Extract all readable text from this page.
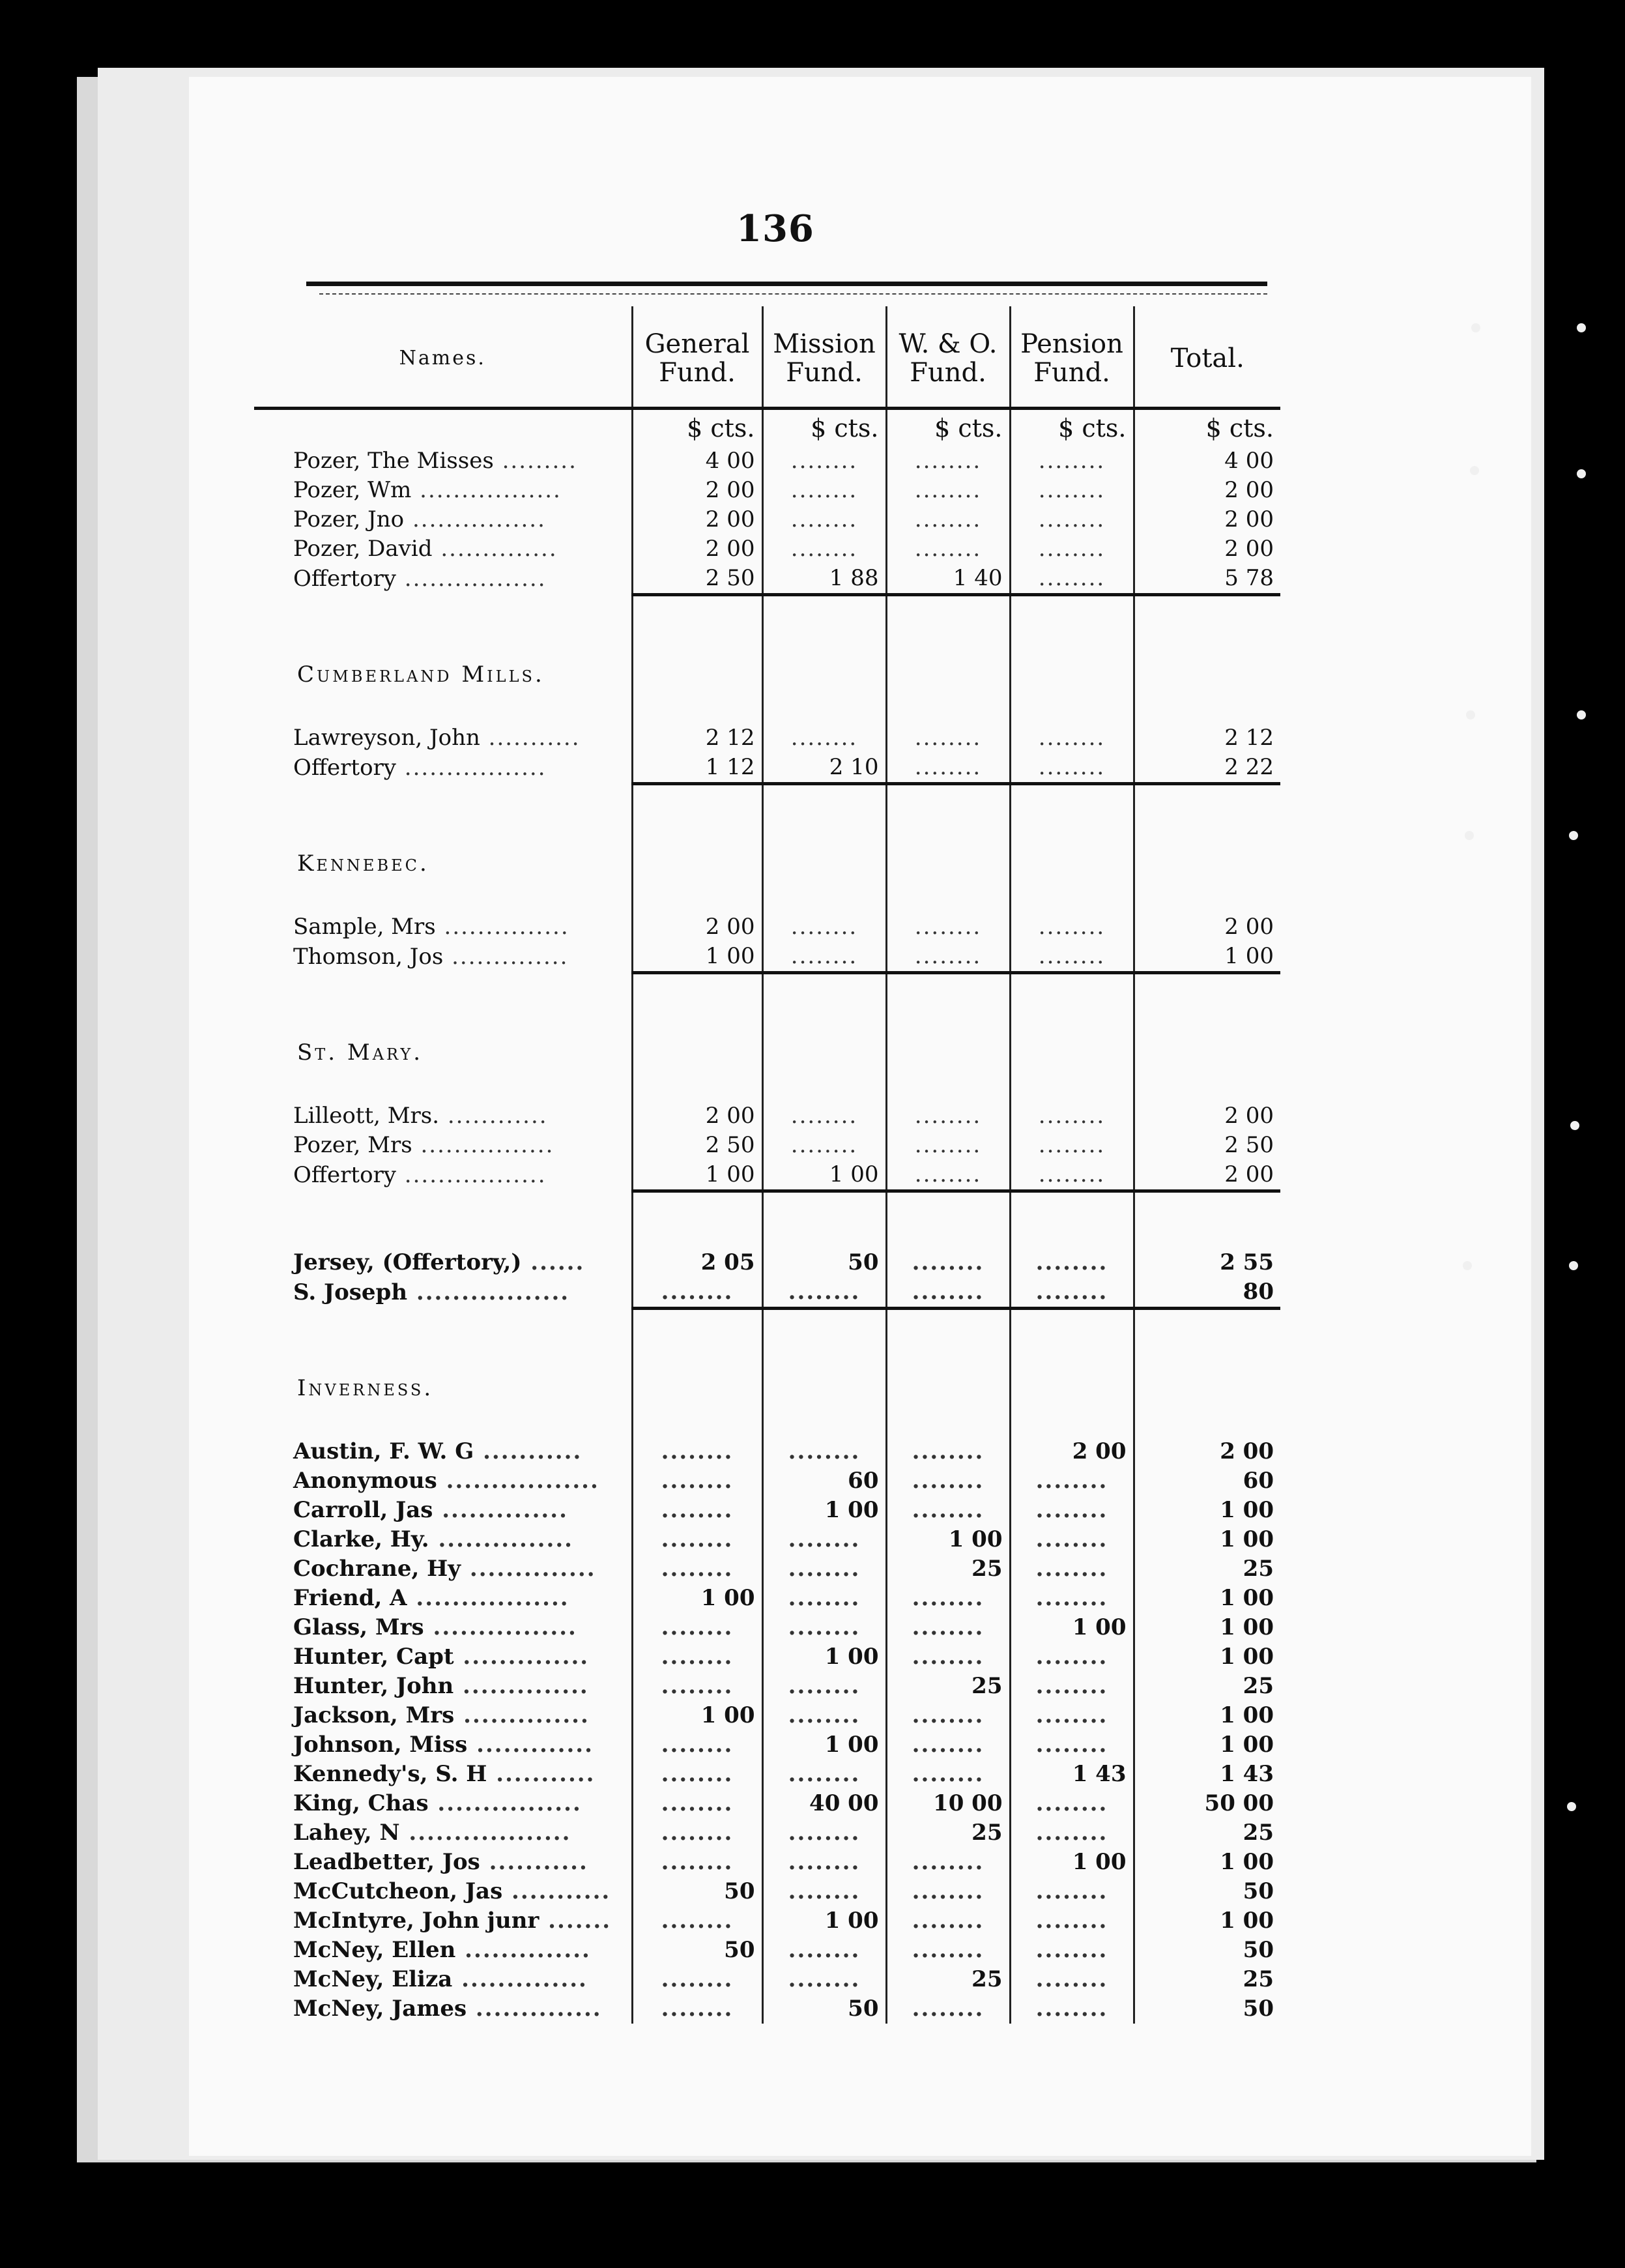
136
Names.	General Fund.	Mission Fund.	W. & O. Fund.	Pension Fund.	Total.
	$ cts.	$ cts.	$ cts.	$ cts.	$ cts.
Pozer, The Misses .........	4 00	........	........	........	4 00
Pozer, Wm .................	2 00	........	........	........	2 00
Pozer, Jno ................	2 00	........	........	........	2 00
Pozer, David ..............	2 00	........	........	........	2 00
Offertory .................	2 50	1 88	1 40	........	5 78

Cumberland Mills.					
Lawreyson, John ...........	2 12	........	........	........	2 12
Offertory .................	1 12	2 10	........	........	2 22

Kennebec.					
Sample, Mrs ...............	2 00	........	........	........	2 00
Thomson, Jos ..............	1 00	........	........	........	1 00

St. Mary.					
Lilleott, Mrs. ............	2 00	........	........	........	2 00
Pozer, Mrs ................	2 50	........	........	........	2 50
Offertory .................	1 00	1 00	........	........	2 00

Jersey, (Offertory,) ......	2 05	50	........	........	2 55
S. Joseph .................	........	........	........	........	80

Inverness.					
Austin, F. W. G ...........	........	........	........	2 00	2 00
Anonymous .................	........	60	........	........	60
Carroll, Jas ..............	........	1 00	........	........	1 00
Clarke, Hy. ...............	........	........	1 00	........	1 00
Cochrane, Hy ..............	........	........	25	........	25
Friend, A .................	1 00	........	........	........	1 00
Glass, Mrs ................	........	........	........	1 00	1 00
Hunter, Capt ..............	........	1 00	........	........	1 00
Hunter, John ..............	........	........	25	........	25
Jackson, Mrs ..............	1 00	........	........	........	1 00
Johnson, Miss .............	........	1 00	........	........	1 00
Kennedy's, S. H ...........	........	........	........	1 43	1 43
King, Chas ................	........	40 00	10 00	........	50 00
Lahey, N ..................	........	........	25	........	25
Leadbetter, Jos ...........	........	........	........	1 00	1 00
McCutcheon, Jas ...........	50	........	........	........	50
McIntyre, John junr .......	........	1 00	........	........	1 00
McNey, Ellen ..............	50	........	........	........	50
McNey, Eliza ..............	........	........	25	........	25
McNey, James ..............	........	50	........	........	50
